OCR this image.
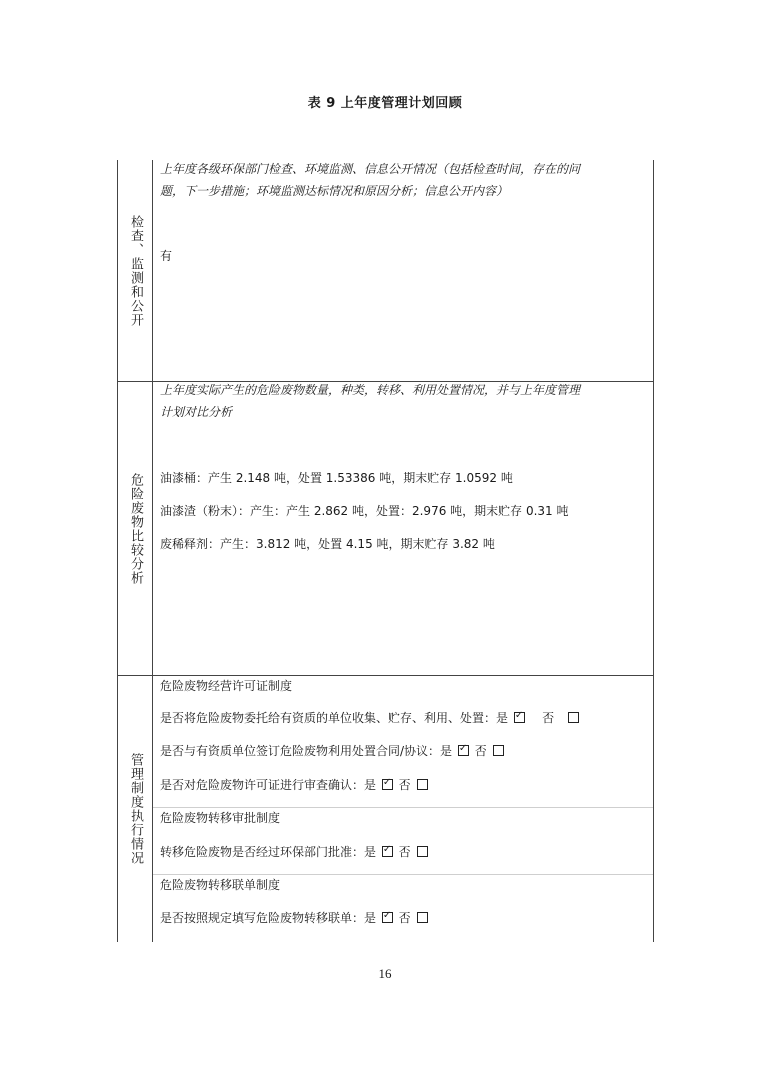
表 9 上年度管理计划回顾
检查、监测和公开
上年度各级环保部门检查、环境监测、信息公开情况（包括检查时间，存在的问
题，下一步措施；环境监测达标情况和原因分析；信息公开内容）
有
危险废物比较分析
上年度实际产生的危险废物数量，种类，转移、利用处置情况，并与上年度管理
计划对比分析
油漆桶：产生 2.148 吨，处置 1.53386 吨，期末贮存 1.0592 吨
油漆渣（粉末）：产生：产生 2.862 吨，处置：2.976 吨，期末贮存 0.31 吨
废稀释剂：产生：3.812 吨，处置 4.15 吨，期末贮存 3.82 吨
管理制度执行情况
危险废物经营许可证制度
是否将危险废物委托给有资质的单位收集、贮存、利用、处置：是 ✓	否
是否与有资质单位签订危险废物利用处置合同/协议：是 ✓ 否
是否对危险废物许可证进行审查确认：是 ✓ 否
危险废物转移审批制度
转移危险废物是否经过环保部门批准：是 ✓ 否
危险废物转移联单制度
是否按照规定填写危险废物转移联单：是 ✓ 否
16
